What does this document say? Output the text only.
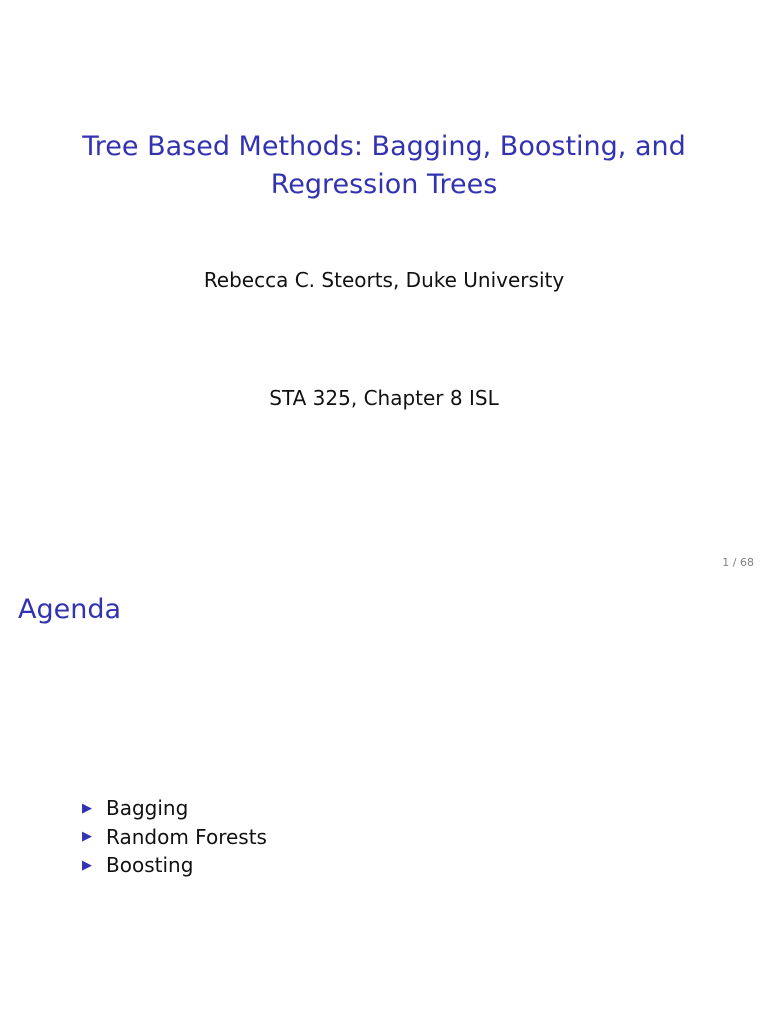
Tree Based Methods: Bagging, Boosting, and
Regression Trees
Rebecca C. Steorts, Duke University
STA 325, Chapter 8 ISL
1 / 68
Agenda
▶ Bagging
▶ Random Forests
▶ Boosting
